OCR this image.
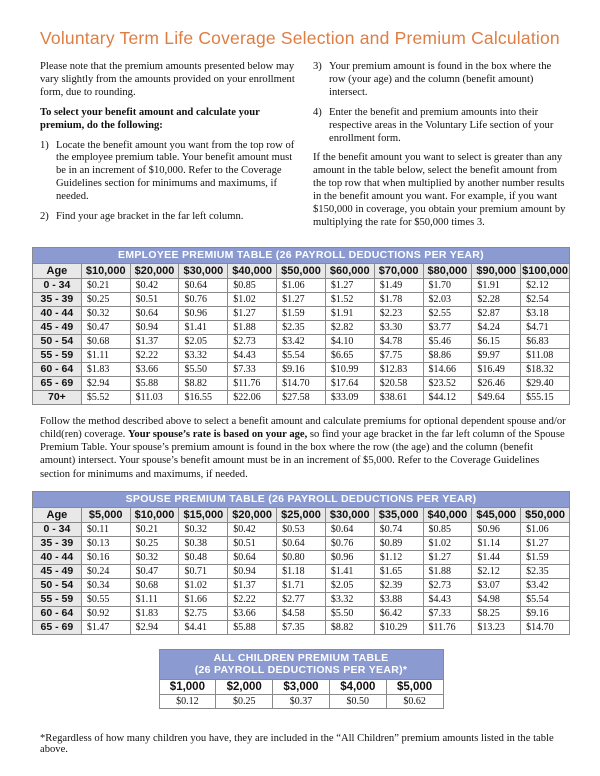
Voluntary Term Life Coverage Selection and Premium Calculation

Please note that the premium amounts presented below may vary slightly from the amounts provided on your enrollment form, due to rounding.

To select your benefit amount and calculate your premium, do the following:

1) Locate the benefit amount you want from the top row of the employee premium table. Your benefit amount must be in an increment of $10,000. Refer to the Coverage Guidelines section for minimums and maximums, if needed.
2) Find your age bracket in the far left column.
3) Your premium amount is found in the box where the row (your age) and the column (benefit amount) intersect.
4) Enter the benefit and premium amounts into their respective areas in the Voluntary Life section of your enrollment form.

If the benefit amount you want to select is greater than any amount in the table below, select the benefit amount from the top row that when multiplied by another number results in the benefit amount you want. For example, if you want $150,000 in coverage, you obtain your premium amount by multiplying the rate for $50,000 times 3.

EMPLOYEE PREMIUM TABLE (26 PAYROLL DEDUCTIONS PER YEAR)										
Age	$10,000	$20,000	$30,000	$40,000	$50,000	$60,000	$70,000	$80,000	$90,000	$100,000
0 - 34	$0.21	$0.42	$0.64	$0.85	$1.06	$1.27	$1.49	$1.70	$1.91	$2.12
35 - 39	$0.25	$0.51	$0.76	$1.02	$1.27	$1.52	$1.78	$2.03	$2.28	$2.54
40 - 44	$0.32	$0.64	$0.96	$1.27	$1.59	$1.91	$2.23	$2.55	$2.87	$3.18
45 - 49	$0.47	$0.94	$1.41	$1.88	$2.35	$2.82	$3.30	$3.77	$4.24	$4.71
50 - 54	$0.68	$1.37	$2.05	$2.73	$3.42	$4.10	$4.78	$5.46	$6.15	$6.83
55 - 59	$1.11	$2.22	$3.32	$4.43	$5.54	$6.65	$7.75	$8.86	$9.97	$11.08
60 - 64	$1.83	$3.66	$5.50	$7.33	$9.16	$10.99	$12.83	$14.66	$16.49	$18.32
65 - 69	$2.94	$5.88	$8.82	$11.76	$14.70	$17.64	$20.58	$23.52	$26.46	$29.40
70+	$5.52	$11.03	$16.55	$22.06	$27.58	$33.09	$38.61	$44.12	$49.64	$55.15

Follow the method described above to select a benefit amount and calculate premiums for optional dependent spouse and/or child(ren) coverage. Your spouse’s rate is based on your age, so find your age bracket in the far left column of the Spouse Premium Table. Your spouse’s premium amount is found in the box where the row (the age) and the column (benefit amount) intersect. Your spouse’s benefit amount must be in an increment of $5,000. Refer to the Coverage Guidelines section for minimums and maximums, if needed.

SPOUSE PREMIUM TABLE (26 PAYROLL DEDUCTIONS PER YEAR)										
Age	$5,000	$10,000	$15,000	$20,000	$25,000	$30,000	$35,000	$40,000	$45,000	$50,000
0 - 34	$0.11	$0.21	$0.32	$0.42	$0.53	$0.64	$0.74	$0.85	$0.96	$1.06
35 - 39	$0.13	$0.25	$0.38	$0.51	$0.64	$0.76	$0.89	$1.02	$1.14	$1.27
40 - 44	$0.16	$0.32	$0.48	$0.64	$0.80	$0.96	$1.12	$1.27	$1.44	$1.59
45 - 49	$0.24	$0.47	$0.71	$0.94	$1.18	$1.41	$1.65	$1.88	$2.12	$2.35
50 - 54	$0.34	$0.68	$1.02	$1.37	$1.71	$2.05	$2.39	$2.73	$3.07	$3.42
55 - 59	$0.55	$1.11	$1.66	$2.22	$2.77	$3.32	$3.88	$4.43	$4.98	$5.54
60 - 64	$0.92	$1.83	$2.75	$3.66	$4.58	$5.50	$6.42	$7.33	$8.25	$9.16
65 - 69	$1.47	$2.94	$4.41	$5.88	$7.35	$8.82	$10.29	$11.76	$13.23	$14.70
ALL CHILDREN PREMIUM TABLE
(26 PAYROLL DEDUCTIONS PER YEAR)*				

$1,000	$2,000	$3,000	$4,000	$5,000
$0.12	$0.25	$0.37	$0.50	$0.62

*Regardless of how many children you have, they are included in the “All Children” premium amounts listed in the table above.
